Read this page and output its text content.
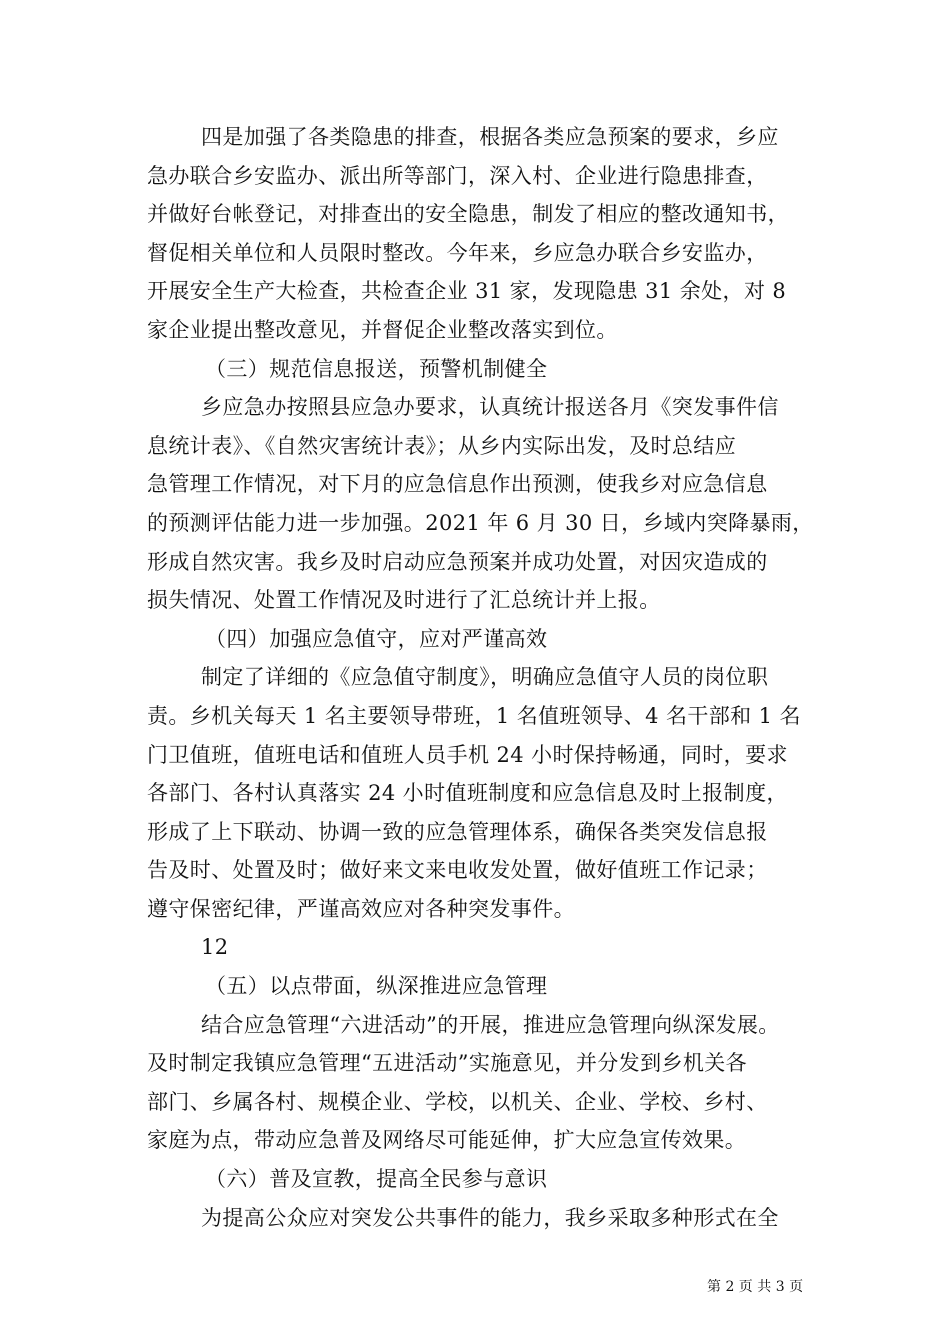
四是加强了各类隐患的排查，根据各类应急预案的要求，乡应
急办联合乡安监办、派出所等部门，深入村、企业进行隐患排查，
并做好台帐登记，对排查出的安全隐患，制发了相应的整改通知书，
督促相关单位和人员限时整改。今年来，乡应急办联合乡安监办，
开展安全生产大检查，共检查企业 31 家，发现隐患 31 余处，对 8
家企业提出整改意见，并督促企业整改落实到位。
（三）规范信息报送，预警机制健全
乡应急办按照县应急办要求，认真统计报送各月《突发事件信
息统计表》、《自然灾害统计表》；从乡内实际出发，及时总结应
急管理工作情况，对下月的应急信息作出预测，使我乡对应急信息
的预测评估能力进一步加强。2021 年 6 月 30 日，乡域内突降暴雨，
形成自然灾害。我乡及时启动应急预案并成功处置，对因灾造成的
损失情况、处置工作情况及时进行了汇总统计并上报。
（四）加强应急值守，应对严谨高效
制定了详细的《应急值守制度》，明确应急值守人员的岗位职
责。乡机关每天 1 名主要领导带班，1 名值班领导、4 名干部和 1 名
门卫值班，值班电话和值班人员手机 24 小时保持畅通，同时，要求
各部门、各村认真落实 24 小时值班制度和应急信息及时上报制度，
形成了上下联动、协调一致的应急管理体系，确保各类突发信息报
告及时、处置及时；做好来文来电收发处置，做好值班工作记录；
遵守保密纪律，严谨高效应对各种突发事件。
12
（五）以点带面，纵深推进应急管理
结合应急管理“六进活动”的开展，推进应急管理向纵深发展。
及时制定我镇应急管理“五进活动”实施意见，并分发到乡机关各
部门、乡属各村、规模企业、学校，以机关、企业、学校、乡村、
家庭为点，带动应急普及网络尽可能延伸，扩大应急宣传效果。
（六）普及宣教，提高全民参与意识
为提高公众应对突发公共事件的能力，我乡采取多种形式在全
第 2 页 共 3 页
